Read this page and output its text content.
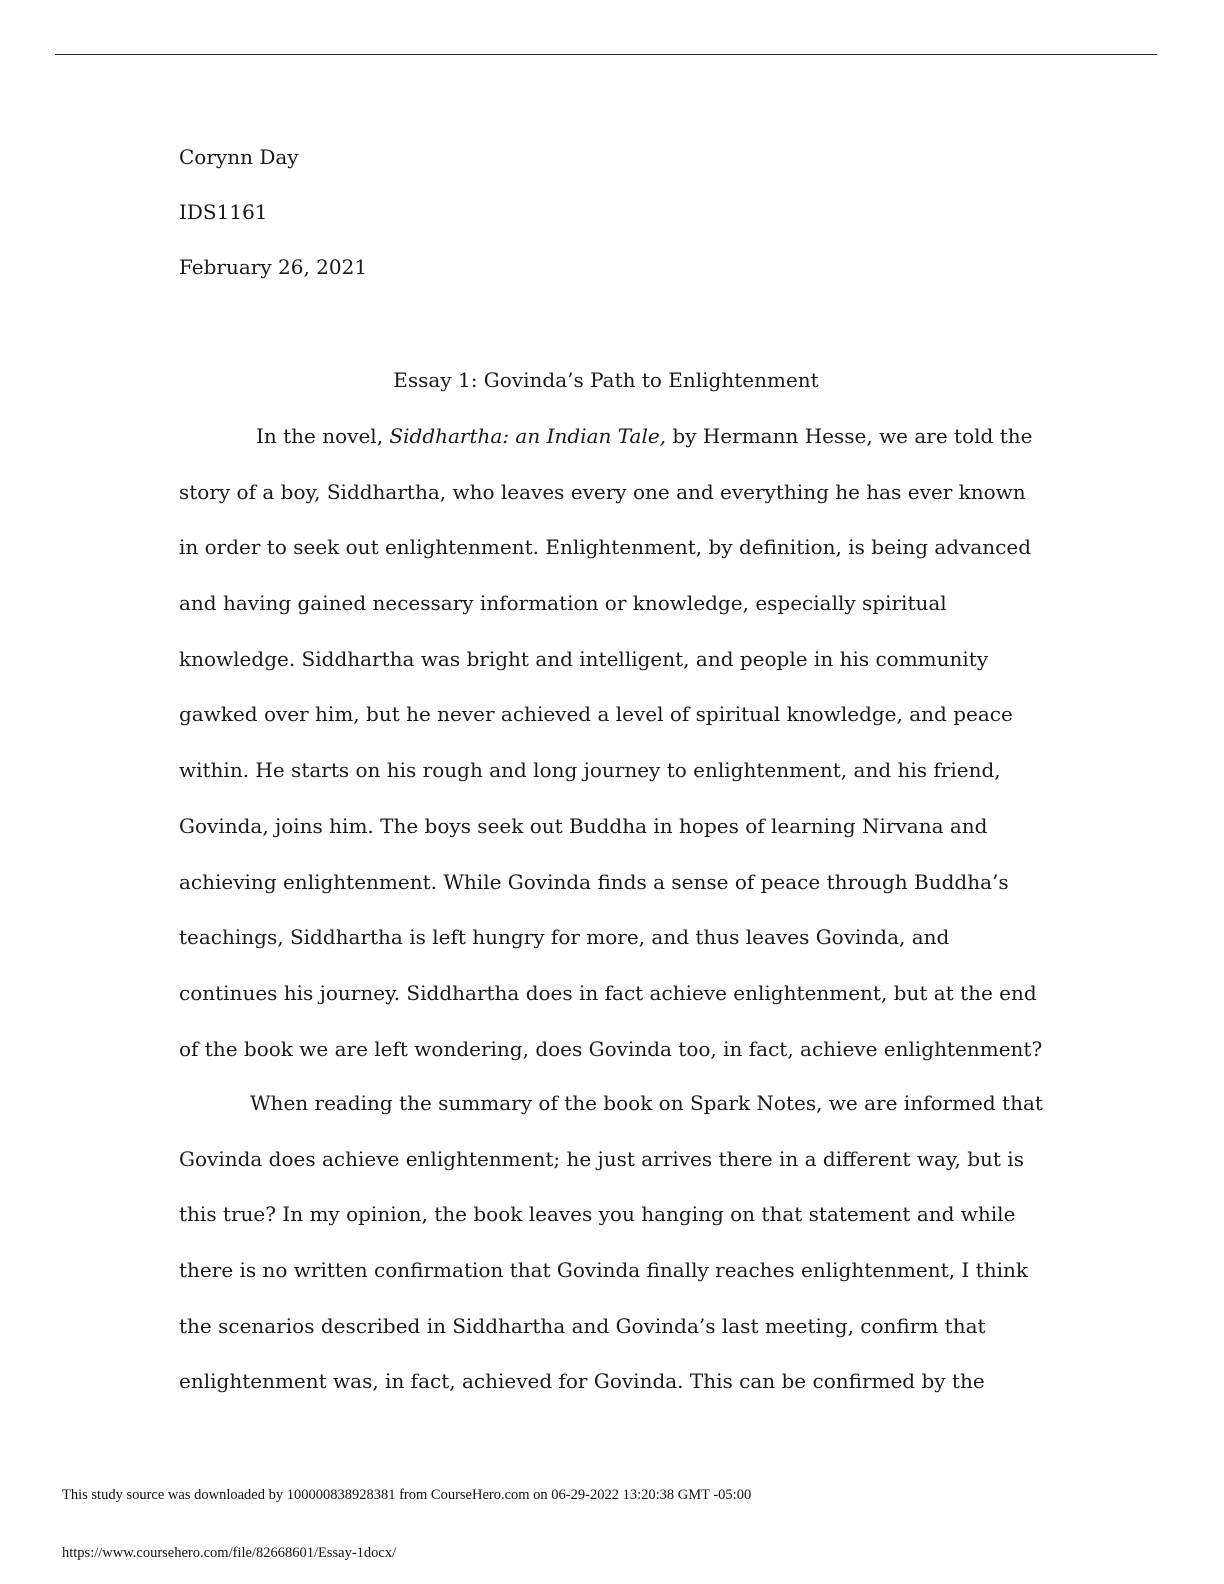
Corynn Day
IDS1161
February 26, 2021
Essay 1: Govinda’s Path to Enlightenment
In the novel, Siddhartha: an Indian Tale, by Hermann Hesse, we are told the
story of a boy, Siddhartha, who leaves every one and everything he has ever known
in order to seek out enlightenment. Enlightenment, by definition, is being advanced
and having gained necessary information or knowledge, especially spiritual
knowledge. Siddhartha was bright and intelligent, and people in his community
gawked over him, but he never achieved a level of spiritual knowledge, and peace
within. He starts on his rough and long journey to enlightenment, and his friend,
Govinda, joins him. The boys seek out Buddha in hopes of learning Nirvana and
achieving enlightenment. While Govinda finds a sense of peace through Buddha’s
teachings, Siddhartha is left hungry for more, and thus leaves Govinda, and
continues his journey. Siddhartha does in fact achieve enlightenment, but at the end
of the book we are left wondering, does Govinda too, in fact, achieve enlightenment?
When reading the summary of the book on Spark Notes, we are informed that
Govinda does achieve enlightenment; he just arrives there in a different way, but is
this true? In my opinion, the book leaves you hanging on that statement and while
there is no written confirmation that Govinda finally reaches enlightenment, I think
the scenarios described in Siddhartha and Govinda’s last meeting, confirm that
enlightenment was, in fact, achieved for Govinda. This can be confirmed by the
This study source was downloaded by 100000838928381 from CourseHero.com on 06-29-2022 13:20:38 GMT -05:00
https://www.coursehero.com/file/82668601/Essay-1docx/
